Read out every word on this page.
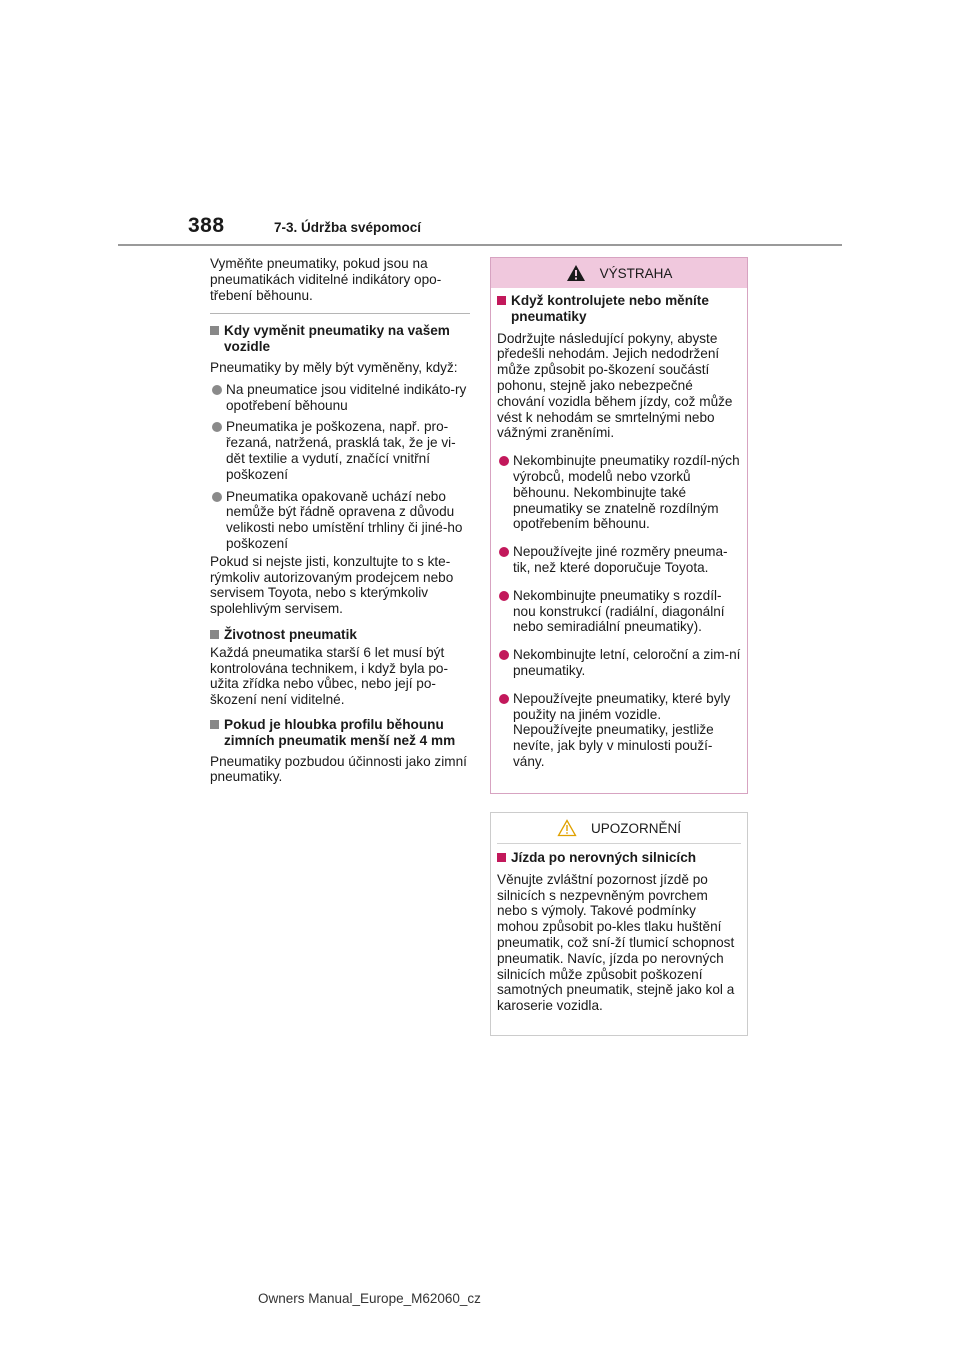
388	7-3. Údržba svépomocí

Vyměňte pneumatiky, pokud jsou na pneumatikách viditelné indikátory opo-třebení běhounu.

Kdy vyměnit pneumatiky na vašem vozidle

Pneumatiky by měly být vyměněny, když:

Na pneumatice jsou viditelné indikáto-ry opotřebení běhounu
Pneumatika je poškozena, např. pro-řezaná, natržená, prasklá tak, že je vi-dět textilie a vydutí, značící vnitřní poškození
Pneumatika opakovaně uchází nebo nemůže být řádně opravena z důvodu velikosti nebo umístění trhliny či jiné-ho poškození

Pokud si nejste jisti, konzultujte to s kte-rýmkoliv autorizovaným prodejcem nebo servisem Toyota, nebo s kterýmkoliv spolehlivým servisem.

Životnost pneumatik

Každá pneumatika starší 6 let musí být kontrolována technikem, i když byla po-užita zřídka nebo vůbec, nebo její po-škození není viditelné.

Pokud je hloubka profilu běhounu zimních pneumatik menší než 4 mm

Pneumatiky pozbudou účinnosti jako zimní pneumatiky.

VÝSTRAHA
Když kontrolujete nebo měníte pneumatiky

Dodržujte následující pokyny, abyste předešli nehodám. Jejich nedodržení může způsobit po-škození součástí pohonu, stejně jako nebezpečné chování vozidla během jízdy, což může vést k nehodám se smrtelnými nebo vážnými zraněními.

Nekombinujte pneumatiky rozdíl-ných výrobců, modelů nebo vzorků běhounu. Nekombinujte také pneumatiky se znatelně rozdílným opotřebením běhounu.
Nepoužívejte jiné rozměry pneuma-tik, než které doporučuje Toyota.
Nekombinujte pneumatiky s rozdíl-nou konstrukcí (radiální, diagonální nebo semiradiální pneumatiky).
Nekombinujte letní, celoroční a zim-ní pneumatiky.
Nepoužívejte pneumatiky, které byly použity na jiném vozidle. Nepoužívejte pneumatiky, jestliže nevíte, jak byly v minulosti použí-vány.
UPOZORNĚNÍ
Jízda po nerovných silnicích

Věnujte zvláštní pozornost jízdě po silnicích s nezpevněným povrchem nebo s výmoly. Takové podmínky mohou způsobit po-kles tlaku huštění pneumatik, což sní-ží tlumicí schopnost pneumatik. Navíc, jízda po nerovných silnicích může způsobit poškození samotných pneumatik, stejně jako kol a karoserie vozidla.

Owners Manual_Europe_M62060_cz
